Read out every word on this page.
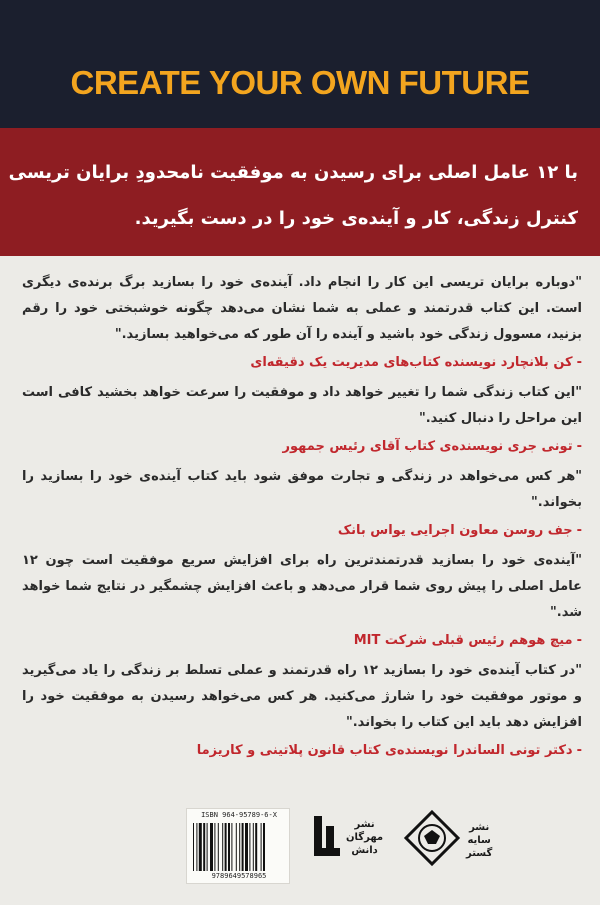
CREATE YOUR OWN FUTURE
با ۱۲ عامل اصلی برای رسیدن به موفقیت نامحدودِ برایان تریسی
کنترل زندگی، کار و آینده‌ی خود را در دست بگیرید.

"دوباره برایان تریسی این کار را انجام داد. آینده‌ی خود را بسازید برگ برنده‌ی دیگری است. این کتاب قدرتمند و عملی به شما نشان می‌دهد چگونه خوشبختی خود را رقم بزنید، مسوول زندگی خود باشید و آینده را آن طور که می‌خواهید بسازید."

-کن بلانچارد نویسنده کتاب‌های مدیریت یک دقیقه‌ای

"این کتاب زندگی شما را تغییر خواهد داد و موفقیت را سرعت خواهد بخشید کافی است این مراحل را دنبال کنید."

-تونی جری نویسنده‌ی کتاب آقای رئیس جمهور

"هر کس می‌خواهد در زندگی و تجارت موفق شود باید کتاب آینده‌ی خود را بسازید را بخواند."

-جف روسن معاون اجرایی یواس بانک

"آینده‌ی خود را بسازید قدرتمندترین راه برای افزایش سریع موفقیت است چون ۱۲ عامل اصلی را پیش روی شما قرار می‌دهد و باعث افزایش چشمگیر در نتایج شما خواهد شد."

-میچ هوهم رئیس قبلی شرکت MIT

"در کتاب آینده‌ی خود را بسازید ۱۲ راه قدرتمند و عملی تسلط بر زندگی را یاد می‌گیرید و موتور موفقیت خود را شارژ می‌کنید. هر کس می‌خواهد رسیدن به موفقیت خود را افزایش دهد باید این کتاب را بخواند."

-دکتر تونی الساندرا نویسنده‌ی کتاب قانون پلاتینی و کاریزما

ISBN 964-95789-6-X
9789649578965
نشر
مهرگان
دانش
نشر
سایه
گستر
